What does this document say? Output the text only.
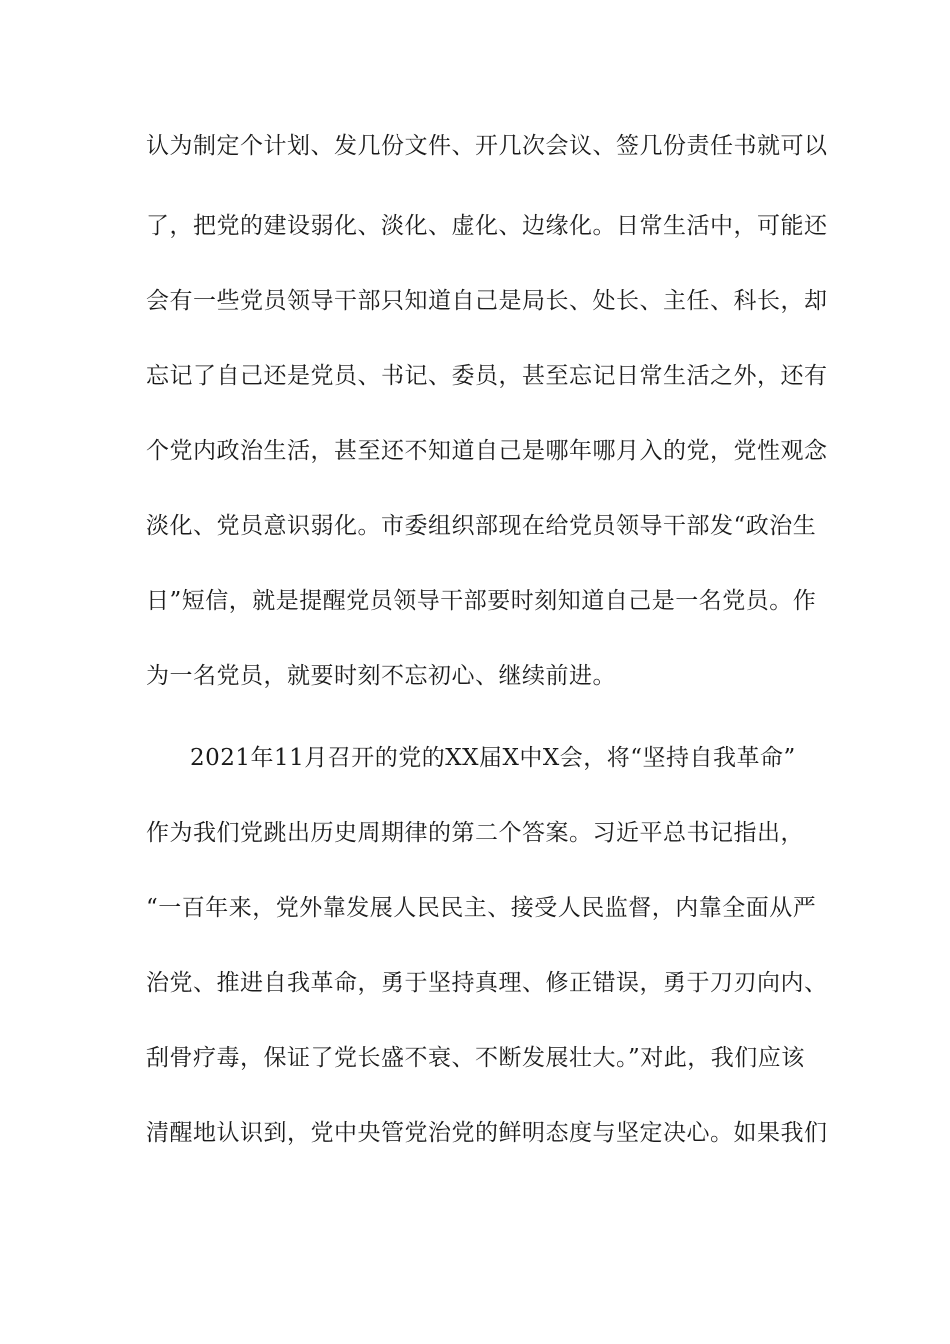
认为制定个计划、发几份文件、开几次会议、签几份责任书就可以
了，把党的建设弱化、淡化、虚化、边缘化。日常生活中，可能还
会有一些党员领导干部只知道自己是局长、处长、主任、科长，却
忘记了自己还是党员、书记、委员，甚至忘记日常生活之外，还有
个党内政治生活，甚至还不知道自己是哪年哪月入的党，党性观念
淡化、党员意识弱化。市委组织部现在给党员领导干部发“政治生
日”短信，就是提醒党员领导干部要时刻知道自己是一名党员。作
为一名党员，就要时刻不忘初心、继续前进。
2021年11月召开的党的XX届X中X会，将“坚持自我革命”
作为我们党跳出历史周期律的第二个答案。习近平总书记指出，
“一百年来，党外靠发展人民民主、接受人民监督，内靠全面从严
治党、推进自我革命，勇于坚持真理、修正错误，勇于刀刃向内、
刮骨疗毒，保证了党长盛不衰、不断发展壮大。”对此，我们应该
清醒地认识到，党中央管党治党的鲜明态度与坚定决心。如果我们
